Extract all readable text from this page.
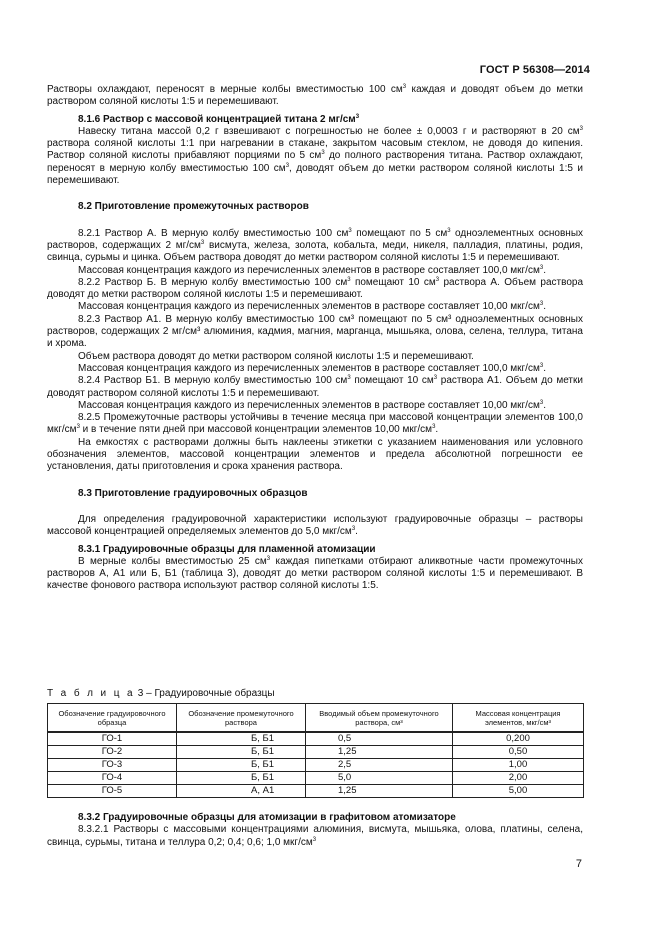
ГОСТ Р 56308—2014

Растворы охлаждают, переносят в мерные колбы вместимостью 100 $см^3$ каждая и доводят объем до метки раствором соляной кислоты 1:5 и перемешивают.

8.1.6 Раствор с массовой концентрацией титана 2 $мг/см^3$

Навеску титана массой 0,2 г взвешивают с погрешностью не более ± 0,0003 г и растворяют в 20 $см^3$ раствора соляной кислоты 1:1 при нагревании в стакане, закрытом часовым стеклом, не доводя до кипения. Раствор соляной кислоты прибавляют порциями по 5 $см^3$ до полного растворения титана. Раствор охлаждают, переносят в мерную колбу вместимостью 100 $см^3$, доводят объем до метки раствором соляной кислоты 1:5 и перемешивают.

8.2 Приготовление промежуточных растворов

8.2.1 Раствор А. В мерную колбу вместимостью 100 $см^3$ помещают по 5 $см^3$ одноэлементных основных растворов, содержащих 2 $мг/см^3$ висмута, железа, золота, кобальта, меди, никеля, палладия, платины, родия, свинца, сурьмы и цинка. Объем раствора доводят до метки раствором соляной кислоты 1:5 и перемешивают.

Массовая концентрация каждого из перечисленных элементов в растворе составляет 100,0 мкг/$см^3$.

8.2.2 Раствор Б. В мерную колбу вместимостью 100 $см^3$ помещают 10 $см^3$ раствора А. Объем раствора доводят до метки раствором соляной кислоты 1:5 и перемешивают.

Массовая концентрация каждого из перечисленных элементов в растворе составляет 10,00 мкг/$см^3$.

8.2.3 Раствор А1. В мерную колбу вместимостью 100 cм³ помещают по 5 cм³ одноэлементных основных растворов, содержащих 2 мг/cм³ алюминия, кадмия, магния, марганца, мышьяка, олова, селена, теллура, титана и хрома.

Объем раствора доводят до метки раствором соляной кислоты 1:5 и перемешивают.

Массовая концентрация каждого из перечисленных элементов в растворе составляет 100,0 мкг/$см^3$.

8.2.4 Раствор Б1. В мерную колбу вместимостью 100 $см^3$ помещают 10 $см^3$ раствора А1. Объем до метки доводят раствором соляной кислоты 1:5 и перемешивают.

Массовая концентрация каждого из перечисленных элементов в растворе составляет 10,00 мкг/$см^3$.

8.2.5 Промежуточные растворы устойчивы в течение месяца при массовой концентрации элементов 100,0 мкг/$см^3$ и в течение пяти дней при массовой концентрации элементов 10,00 мкг/$см^3$.

На емкостях с растворами должны быть наклеены этикетки с указанием наименования или условного обозначения элементов, массовой концентрации элементов и предела абсолютной погрешности ее установления, даты приготовления и срока хранения раствора.

8.3 Приготовление градуировочных образцов

Для определения градуировочной характеристики используют градуировочные образцы – растворы массовой концентрацией определяемых элементов до 5,0 мкг/$см^3$.

8.3.1 Градуировочные образцы для пламенной атомизации

В мерные колбы вместимостью 25 $см^3$ каждая пипетками отбирают аликвотные части промежуточных растворов А, А1 или Б, Б1 (таблица 3), доводят до метки раствором соляной кислоты 1:5 и перемешивают. В качестве фонового раствора используют раствор соляной кислоты 1:5.

Т а б л и ц а 3 – Градуировочные образцы
Обозначение градуировочного образца	Обозначение промежуточного раствора	Вводимый объем промежуточного раствора, см³	Массовая концентрация элементов, мкг/см³
ГО-1	Б, Б1	0,5	0,200
ГО-2	Б, Б1	1,25	0,50
ГО-3	Б, Б1	2,5	1,00
ГО-4	Б, Б1	5,0	2,00
ГО-5	А, А1	1,25	5,00

8.3.2 Градуировочные образцы для атомизации в графитовом атомизаторе

8.3.2.1 Растворы с массовыми концентрациями алюминия, висмута, мышьяка, олова, платины, селена, свинца, сурьмы, титана и теллура 0,2; 0,4; 0,6; 1,0 мкг/$см^3$

7
